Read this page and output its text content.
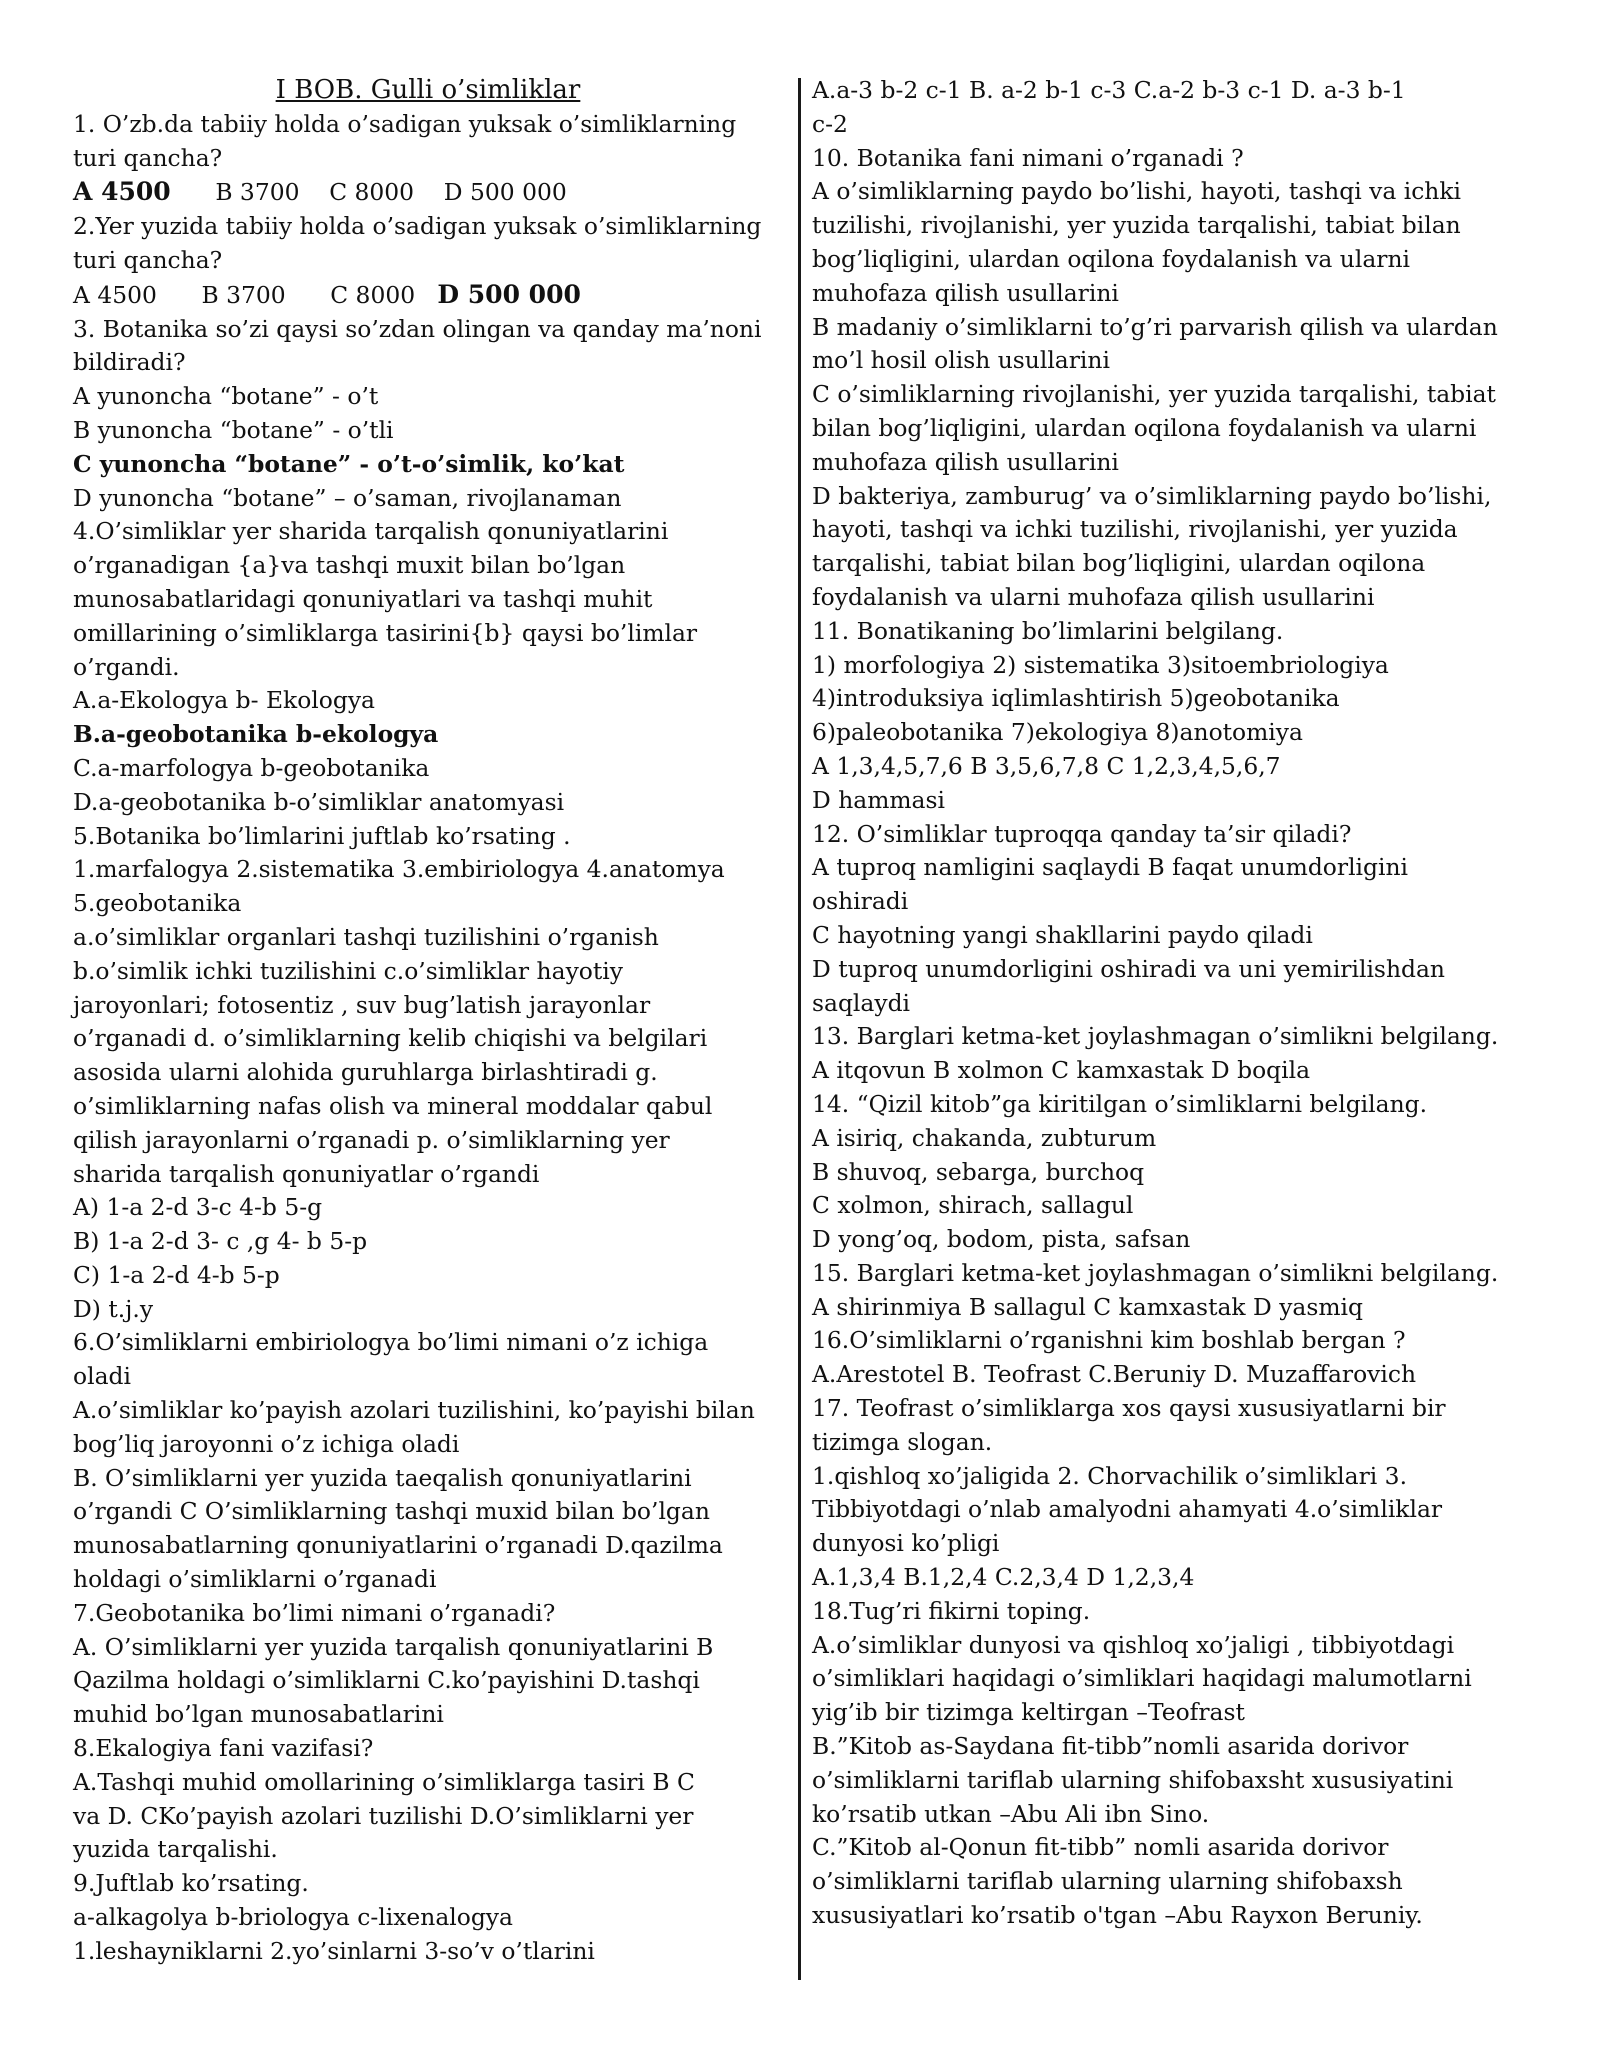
I BOB. Gulli o’simliklar
1. O’zb.da tabiiy holda o’sadigan yuksak o’simliklarning
turi qancha?
A 4500 B 3700    C 8000    D 500 000
2.Yer yuzida tabiiy holda o’sadigan yuksak o’simliklarning
turi qancha?
A 4500      B 3700      C 8000   D 500 000
3. Botanika so’zi qaysi so’zdan olingan va qanday ma’noni
bildiradi?
A yunoncha “botane” - o’t
B yunoncha “botane” - o’tli
C yunoncha “botane” - o’t-o’simlik, ko’kat
D yunoncha “botane” – o’saman, rivojlanaman
4.O’simliklar yer sharida tarqalish qonuniyatlarini
o’rganadigan {a}va tashqi muxit bilan bo’lgan
munosabatlaridagi qonuniyatlari va tashqi muhit
omillarining o’simliklarga tasirini{b} qaysi bo’limlar
o’rgandi.
A.a-Ekologya b- Ekologya
B.a-geobotanika b-ekologya
C.a-marfologya b-geobotanika
D.a-geobotanika b-o’simliklar anatomyasi
5.Botanika bo’limlarini juftlab ko’rsating .
1.marfalogya 2.sistematika 3.embiriologya 4.anatomya
5.geobotanika
a.o’simliklar organlari tashqi tuzilishini o’rganish
b.o’simlik ichki tuzilishini c.o’simliklar hayotiy
jaroyonlari; fotosentiz , suv bug’latish jarayonlar
o’rganadi d. o’simliklarning kelib chiqishi va belgilari
asosida ularni alohida guruhlarga birlashtiradi g.
o’simliklarning nafas olish va mineral moddalar qabul
qilish jarayonlarni o’rganadi p. o’simliklarning yer
sharida tarqalish qonuniyatlar o’rgandi
A) 1-a 2-d 3-c 4-b 5-g
B) 1-a 2-d 3- c ,g 4- b 5-p
C) 1-a 2-d 4-b 5-p
D) t.j.y
6.O’simliklarni embiriologya bo’limi nimani o’z ichiga
oladi
A.o’simliklar ko’payish azolari tuzilishini, ko’payishi bilan
bog’liq jaroyonni o’z ichiga oladi
B. O’simliklarni yer yuzida taeqalish qonuniyatlarini
o’rgandi C O’simliklarning tashqi muxid bilan bo’lgan
munosabatlarning qonuniyatlarini o’rganadi D.qazilma
holdagi o’simliklarni o’rganadi
7.Geobotanika bo’limi nimani o’rganadi?
A. O’simliklarni yer yuzida tarqalish qonuniyatlarini B
Qazilma holdagi o’simliklarni C.ko’payishini D.tashqi
muhid bo’lgan munosabatlarini
8.Ekalogiya fani vazifasi?
A.Tashqi muhid omollarining o’simliklarga tasiri B C
va D. CKo’payish azolari tuzilishi D.O’simliklarni yer
yuzida tarqalishi.
9.Juftlab ko’rsating.
a-alkagolya b-briologya c-lixenalogya
1.leshayniklarni 2.yo’sinlarni 3-so’v o’tlarini
A.a-3 b-2 c-1 B. a-2 b-1 c-3 C.a-2 b-3 c-1 D. a-3 b-1
c-2
10. Botanika fani nimani o’rganadi ?
A o’simliklarning paydo bo’lishi, hayoti, tashqi va ichki
tuzilishi, rivojlanishi, yer yuzida tarqalishi, tabiat bilan
bog’liqligini, ulardan oqilona foydalanish va ularni
muhofaza qilish usullarini
B madaniy o’simliklarni to’g’ri parvarish qilish va ulardan
mo’l hosil olish usullarini
C o’simliklarning rivojlanishi, yer yuzida tarqalishi, tabiat
bilan bog’liqligini, ulardan oqilona foydalanish va ularni
muhofaza qilish usullarini
D bakteriya, zamburug’ va o’simliklarning paydo bo’lishi,
hayoti, tashqi va ichki tuzilishi, rivojlanishi, yer yuzida
tarqalishi, tabiat bilan bog’liqligini, ulardan oqilona
foydalanish va ularni muhofaza qilish usullarini
11. Bonatikaning bo’limlarini belgilang.
1) morfologiya 2) sistematika 3)sitoembriologiya
4)introduksiya iqlimlashtirish 5)geobotanika
6)paleobotanika 7)ekologiya 8)anotomiya
A 1,3,4,5,7,6 B 3,5,6,7,8 C 1,2,3,4,5,6,7
D hammasi
12. O’simliklar tuproqqa qanday ta’sir qiladi?
A tuproq namligini saqlaydi B faqat unumdorligini
oshiradi
C hayotning yangi shakllarini paydo qiladi
D tuproq unumdorligini oshiradi va uni yemirilishdan
saqlaydi
13. Barglari ketma-ket joylashmagan o’simlikni belgilang.
A itqovun B xolmon C kamxastak D boqila
14. “Qizil kitob”ga kiritilgan o’simliklarni belgilang.
A isiriq, chakanda, zubturum
B shuvoq, sebarga, burchoq
C xolmon, shirach, sallagul
D yong’oq, bodom, pista, safsan
15. Barglari ketma-ket joylashmagan o’simlikni belgilang.
A shirinmiya B sallagul C kamxastak D yasmiq
16.O’simliklarni o’rganishni kim boshlab bergan ?
A.Arestotel B. Teofrast C.Beruniy D. Muzaffarovich
17. Teofrast o’simliklarga xos qaysi xususiyatlarni bir
tizimga slogan.
1.qishloq xo’jaligida 2. Chorvachilik o’simliklari 3.
Tibbiyotdagi o’nlab amalyodni ahamyati 4.o’simliklar
dunyosi ko’pligi
A.1,3,4 B.1,2,4 C.2,3,4 D 1,2,3,4
18.Tug’ri fikirni toping.
A.o’simliklar dunyosi va qishloq xo’jaligi , tibbiyotdagi
o’simliklari haqidagi o’simliklari haqidagi malumotlarni
yig’ib bir tizimga keltirgan –Teofrast
B.”Kitob as-Saydana fit-tibb”nomli asarida dorivor
o’simliklarni tariflab ularning shifobaxsht xususiyatini
ko’rsatib utkan –Abu Ali ibn Sino.
C.”Kitob al-Qonun fit-tibb” nomli asarida dorivor
o’simliklarni tariflab ularning ularning shifobaxsh
xususiyatlari ko’rsatib o'tgan –Abu Rayxon Beruniy.
